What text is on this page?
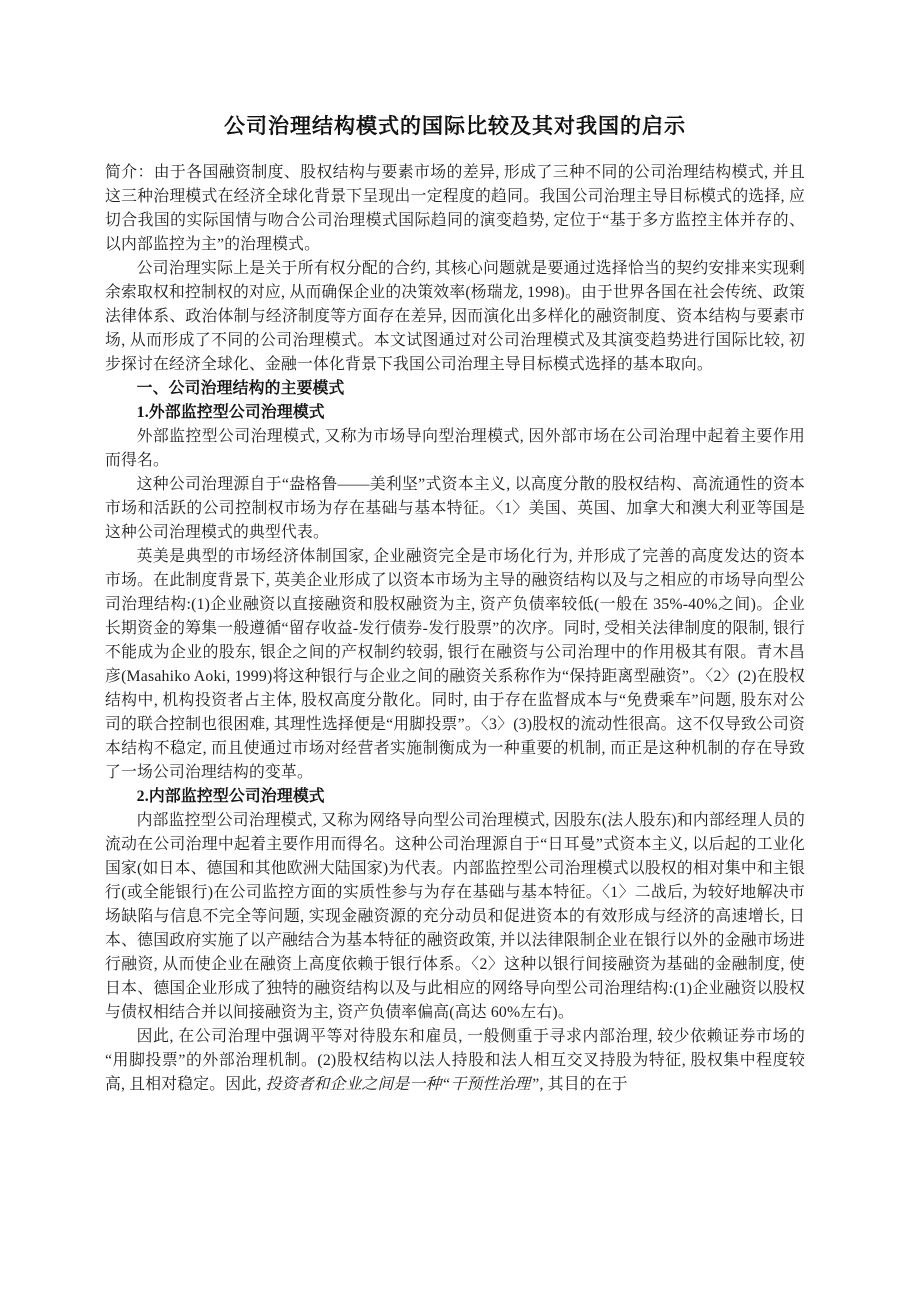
公司治理结构模式的国际比较及其对我国的启示

简介：由于各国融资制度、股权结构与要素市场的差异, 形成了三种不同的公司治理结构模式, 并且这三种治理模式在经济全球化背景下呈现出一定程度的趋同。我国公司治理主导目标模式的选择, 应切合我国的实际国情与吻合公司治理模式国际趋同的演变趋势, 定位于“基于多方监控主体并存的、以内部监控为主”的治理模式。

公司治理实际上是关于所有权分配的合约, 其核心问题就是要通过选择恰当的契约安排来实现剩余索取权和控制权的对应, 从而确保企业的决策效率(杨瑞龙, 1998)。由于世界各国在社会传统、政策法律体系、政治体制与经济制度等方面存在差异, 因而演化出多样化的融资制度、资本结构与要素市场, 从而形成了不同的公司治理模式。本文试图通过对公司治理模式及其演变趋势进行国际比较, 初步探讨在经济全球化、金融一体化背景下我国公司治理主导目标模式选择的基本取向。

一、公司治理结构的主要模式

1.外部监控型公司治理模式

外部监控型公司治理模式, 又称为市场导向型治理模式, 因外部市场在公司治理中起着主要作用而得名。

这种公司治理源自于“盎格鲁——美利坚”式资本主义, 以高度分散的股权结构、高流通性的资本市场和活跃的公司控制权市场为存在基础与基本特征。〈1〉美国、英国、加拿大和澳大利亚等国是这种公司治理模式的典型代表。

英美是典型的市场经济体制国家, 企业融资完全是市场化行为, 并形成了完善的高度发达的资本市场。在此制度背景下, 英美企业形成了以资本市场为主导的融资结构以及与之相应的市场导向型公司治理结构:(1)企业融资以直接融资和股权融资为主, 资产负债率较低(一般在 35%-40%之间)。企业长期资金的筹集一般遵循“留存收益-发行债券-发行股票”的次序。同时, 受相关法律制度的限制, 银行不能成为企业的股东, 银企之间的产权制约较弱, 银行在融资与公司治理中的作用极其有限。青木昌彦(Masahiko Aoki, 1999)将这种银行与企业之间的融资关系称作为“保持距离型融资”。〈2〉(2)在股权结构中, 机构投资者占主体, 股权高度分散化。同时, 由于存在监督成本与“免费乘车”问题, 股东对公司的联合控制也很困难, 其理性选择便是“用脚投票”。〈3〉(3)股权的流动性很高。这不仅导致公司资本结构不稳定, 而且使通过市场对经营者实施制衡成为一种重要的机制, 而正是这种机制的存在导致了一场公司治理结构的变革。

2.内部监控型公司治理模式

内部监控型公司治理模式, 又称为网络导向型公司治理模式, 因股东(法人股东)和内部经理人员的流动在公司治理中起着主要作用而得名。这种公司治理源自于“日耳曼”式资本主义, 以后起的工业化国家(如日本、德国和其他欧洲大陆国家)为代表。内部监控型公司治理模式以股权的相对集中和主银行(或全能银行)在公司监控方面的实质性参与为存在基础与基本特征。〈1〉二战后, 为较好地解决市场缺陷与信息不完全等问题, 实现金融资源的充分动员和促进资本的有效形成与经济的高速增长, 日本、德国政府实施了以产融结合为基本特征的融资政策, 并以法律限制企业在银行以外的金融市场进行融资, 从而使企业在融资上高度依赖于银行体系。〈2〉这种以银行间接融资为基础的金融制度, 使日本、德国企业形成了独特的融资结构以及与此相应的网络导向型公司治理结构:(1)企业融资以股权与债权相结合并以间接融资为主, 资产负债率偏高(高达 60%左右)。

因此, 在公司治理中强调平等对待股东和雇员, 一般侧重于寻求内部治理, 较少依赖证券市场的“用脚投票”的外部治理机制。(2)股权结构以法人持股和法人相互交叉持股为特征, 股权集中程度较高, 且相对稳定。因此, 投资者和企业之间是一种“干预性治理”, 其目的在于
